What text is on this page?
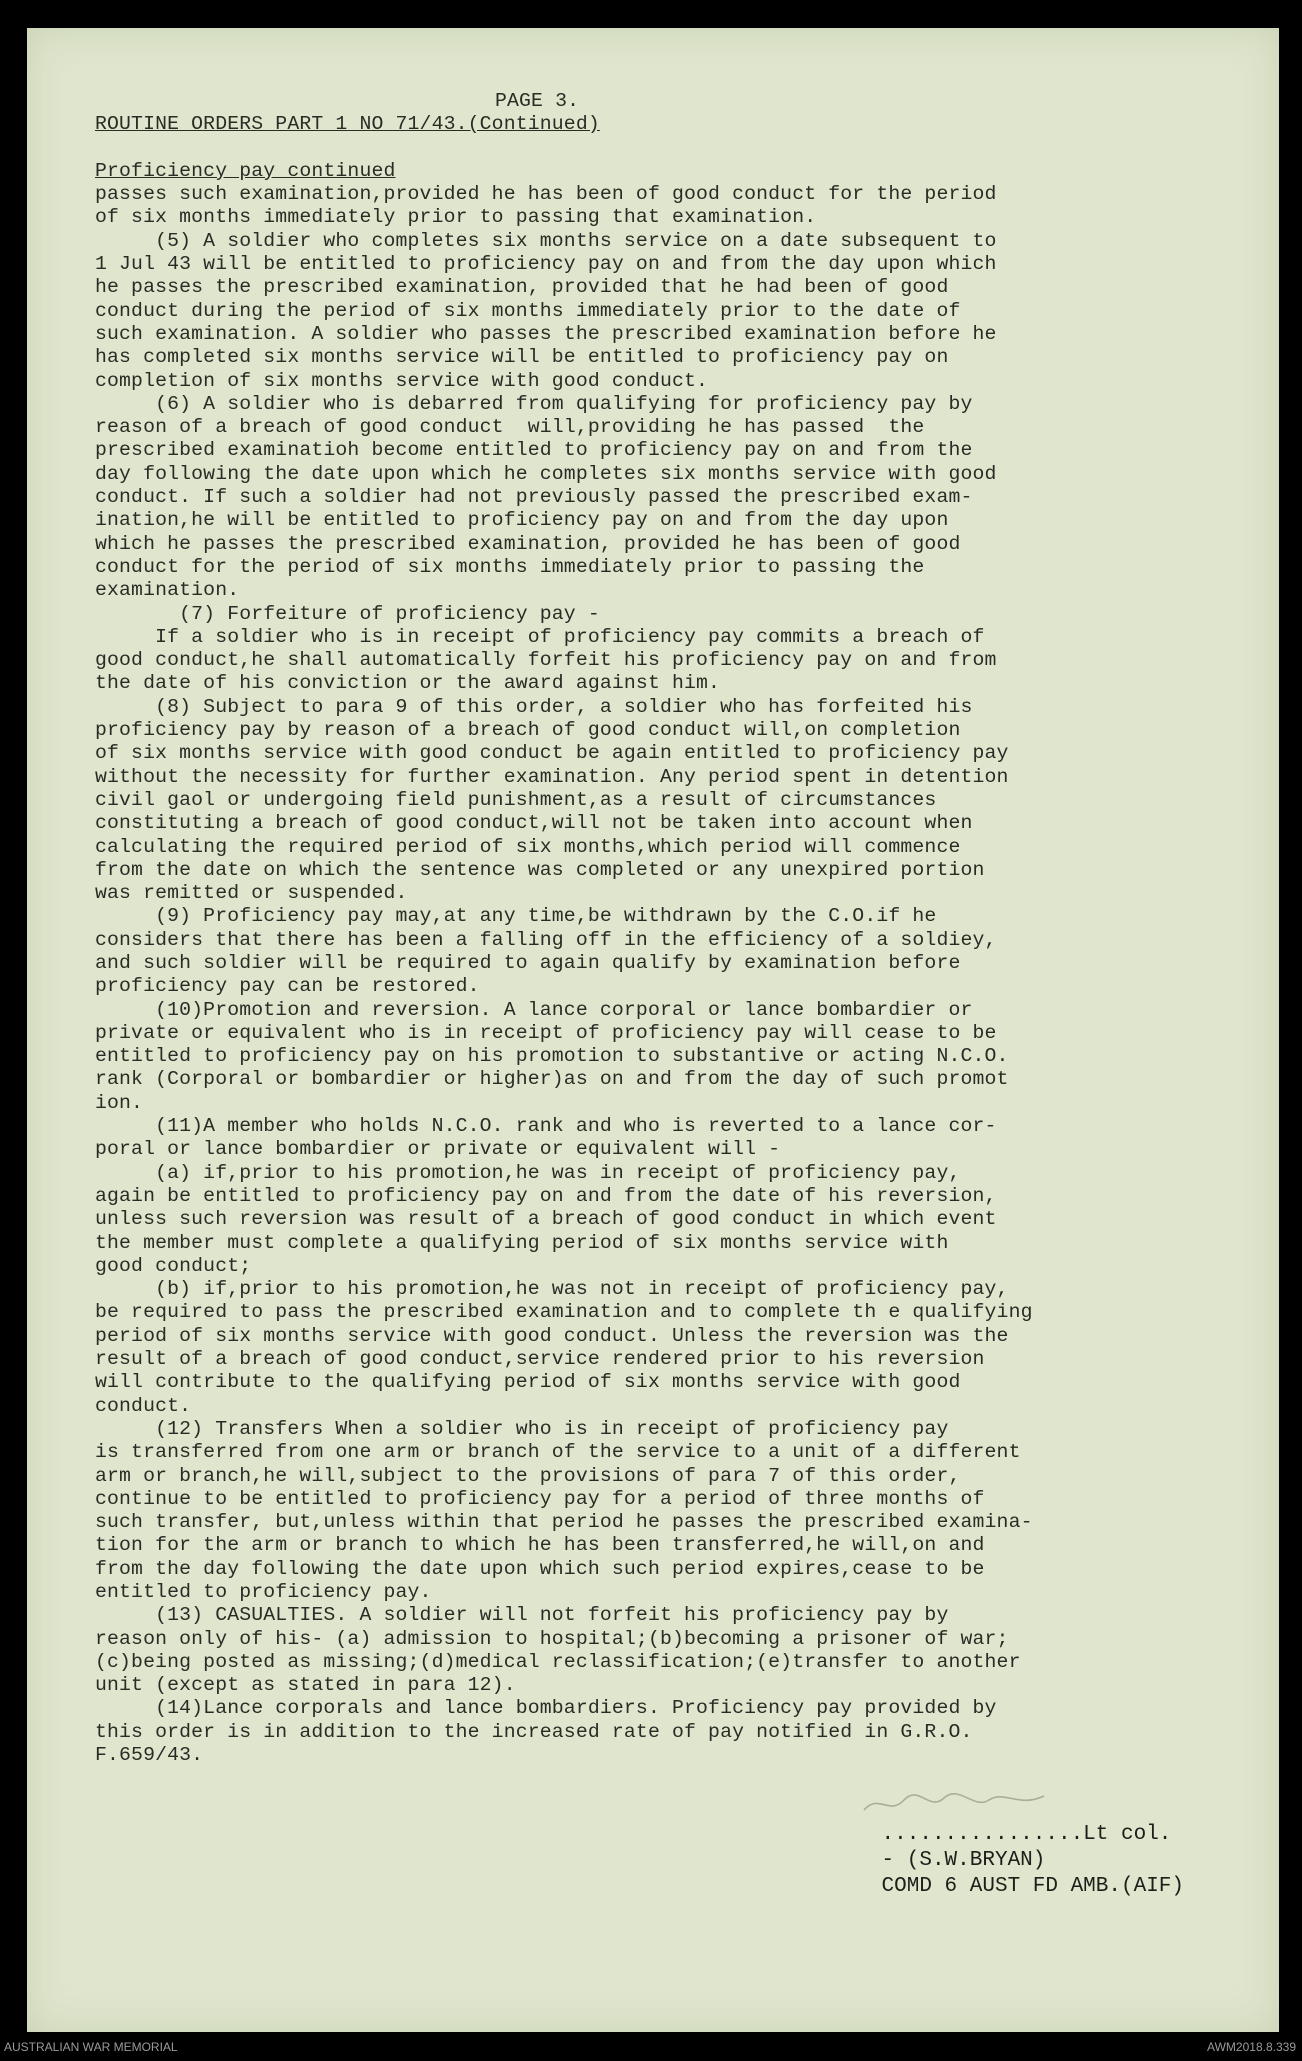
PAGE 3.
ROUTINE ORDERS PART 1 NO 71/43.(Continued)
Proficiency pay continued
passes such examination,provided he has been of good conduct for the period
of six months immediately prior to passing that examination.
(5) A soldier who completes six months service on a date subsequent to
1 Jul 43 will be entitled to proficiency pay on and from the day upon which
he passes the prescribed examination, provided that he had been of good
conduct during the period of six months immediately prior to the date of
such examination. A soldier who passes the prescribed examination before he
has completed six months service will be entitled to proficiency pay on
completion of six months service with good conduct.
(6) A soldier who is debarred from qualifying for proficiency pay by
reason of a breach of good conduct  will,providing he has passed  the
prescribed examinatioh become entitled to proficiency pay on and from the
day following the date upon which he completes six months service with good
conduct. If such a soldier had not previously passed the prescribed exam-
ination,he will be entitled to proficiency pay on and from the day upon
which he passes the prescribed examination, provided he has been of good
conduct for the period of six months immediately prior to passing the
examination.
(7) Forfeiture of proficiency pay -
If a soldier who is in receipt of proficiency pay commits a breach of
good conduct,he shall automatically forfeit his proficiency pay on and from
the date of his conviction or the award against him.
(8) Subject to para 9 of this order, a soldier who has forfeited his
proficiency pay by reason of a breach of good conduct will,on completion
of six months service with good conduct be again entitled to proficiency pay
without the necessity for further examination. Any period spent in detention
civil gaol or undergoing field punishment,as a result of circumstances
constituting a breach of good conduct,will not be taken into account when
calculating the required period of six months,which period will commence
from the date on which the sentence was completed or any unexpired portion
was remitted or suspended.
(9) Proficiency pay may,at any time,be withdrawn by the C.O.if he
considers that there has been a falling off in the efficiency of a soldiey,
and such soldier will be required to again qualify by examination before
proficiency pay can be restored.
(10)Promotion and reversion. A lance corporal or lance bombardier or
private or equivalent who is in receipt of proficiency pay will cease to be
entitled to proficiency pay on his promotion to substantive or acting N.C.O.
rank (Corporal or bombardier or higher)as on and from the day of such promot
ion.
(11)A member who holds N.C.O. rank and who is reverted to a lance cor-
poral or lance bombardier or private or equivalent will -
(a) if,prior to his promotion,he was in receipt of proficiency pay,
again be entitled to proficiency pay on and from the date of his reversion,
unless such reversion was result of a breach of good conduct in which event
the member must complete a qualifying period of six months service with
good conduct;
(b) if,prior to his promotion,he was not in receipt of proficiency pay,
be required to pass the prescribed examination and to complete th e qualifying
period of six months service with good conduct. Unless the reversion was the
result of a breach of good conduct,service rendered prior to his reversion
will contribute to the qualifying period of six months service with good
conduct.
(12) Transfers When a soldier who is in receipt of proficiency pay
is transferred from one arm or branch of the service to a unit of a different
arm or branch,he will,subject to the provisions of para 7 of this order,
continue to be entitled to proficiency pay for a period of three months of
such transfer, but,unless within that period he passes the prescribed examina-
tion for the arm or branch to which he has been transferred,he will,on and
from the day following the date upon which such period expires,cease to be
entitled to proficiency pay.
(13) CASUALTIES. A soldier will not forfeit his proficiency pay by
reason only of his- (a) admission to hospital;(b)becoming a prisoner of war;
(c)being posted as missing;(d)medical reclassification;(e)transfer to another
unit (except as stated in para 12).
(14)Lance corporals and lance bombardiers. Proficiency pay provided by
this order is in addition to the increased rate of pay notified in G.R.O.
F.659/43.
................Lt col.
- (S.W.BRYAN)
COMD 6 AUST FD AMB.(AIF)
AUSTRALIAN WAR MEMORIAL	AWM2018.8.339
